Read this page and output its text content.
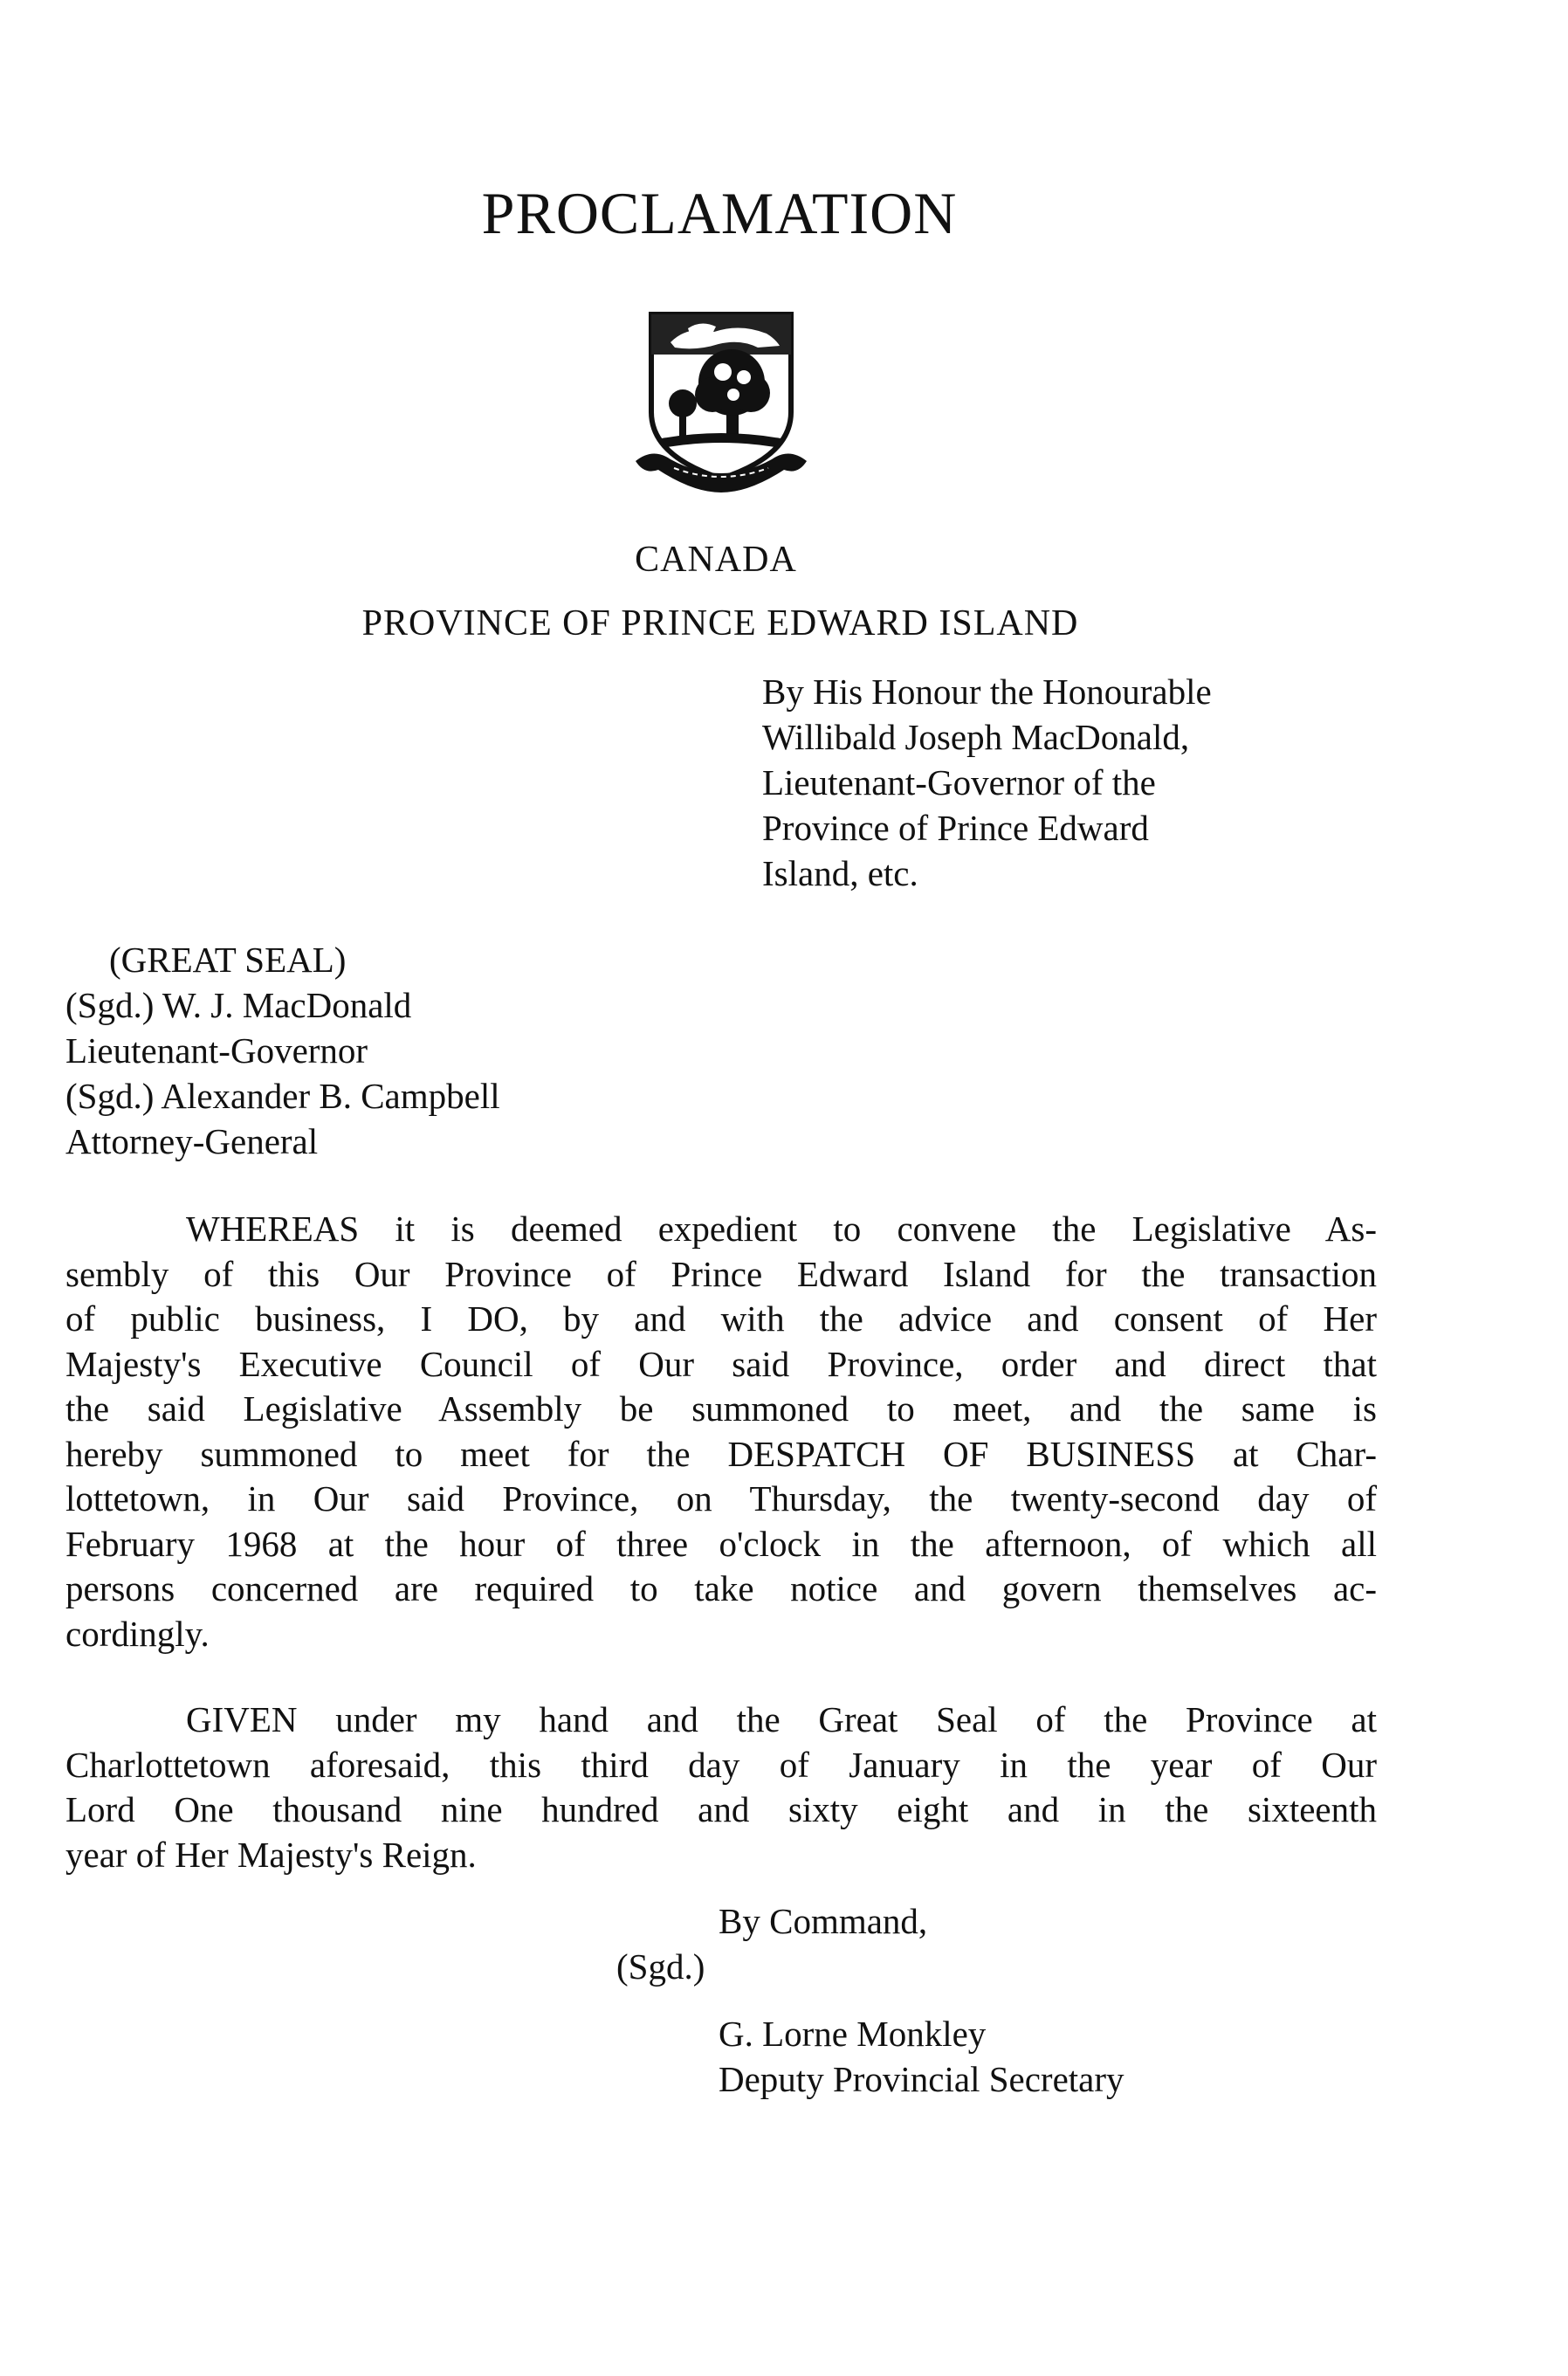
PROCLAMATION
CANADA
PROVINCE OF PRINCE EDWARD ISLAND
By His Honour the Honourable
Willibald Joseph MacDonald,
Lieutenant-Governor of the
Province of Prince Edward
Island, etc.
(GREAT SEAL)
(Sgd.) W. J. MacDonald
Lieutenant-Governor
(Sgd.) Alexander B. Campbell
Attorney-General
WHEREAS it is deemed expedient to convene the Legislative As-
sembly of this Our Province of Prince Edward Island for the transaction
of public business, I DO, by and with the advice and consent of Her
Majesty's Executive Council of Our said Province, order and direct that
the said Legislative Assembly be summoned to meet, and the same is
hereby summoned to meet for the DESPATCH OF BUSINESS at Char-
lottetown, in Our said Province, on Thursday, the twenty-second day of
February 1968 at the hour of three o'clock in the afternoon, of which all
persons concerned are required to take notice and govern themselves ac-
cordingly.
GIVEN under my hand and the Great Seal of the Province at
Charlottetown aforesaid, this third day of January in the year of Our
Lord One thousand nine hundred and sixty eight and in the sixteenth
year of Her Majesty's Reign.
By Command,
(Sgd.)
G. Lorne Monkley
Deputy Provincial Secretary
